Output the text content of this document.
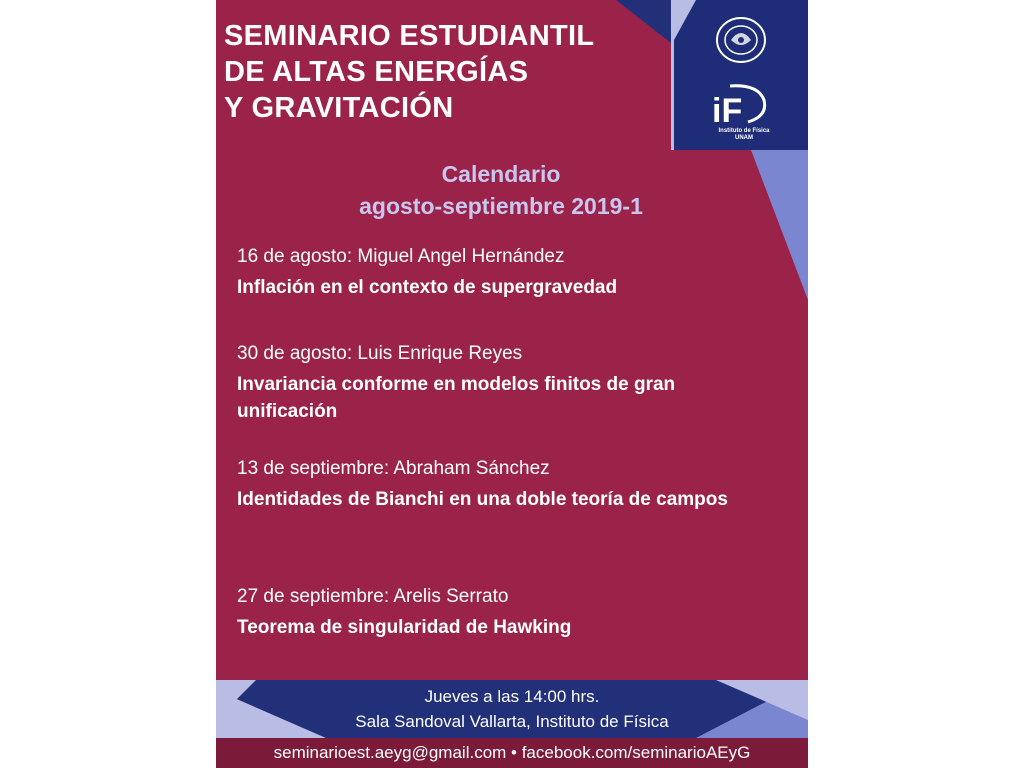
SEMINARIO ESTUDIANTIL
DE ALTAS ENERGÍAS
Y GRAVITACIÓN	iF
Instituto de Física
UNAM
Calendario
agosto-septiembre 2019-1
16 de agosto: Miguel Angel Hernández
Inflación en el contexto de supergravedad
30 de agosto: Luis Enrique Reyes
Invariancia conforme en modelos finitos de gran unificación
13 de septiembre: Abraham Sánchez
Identidades de Bianchi en una doble teoría de campos
27 de septiembre: Arelis Serrato
Teorema de singularidad de Hawking
Jueves a las 14:00 hrs.
Sala Sandoval Vallarta, Instituto de Física
seminarioest.aeyg@gmail.com • facebook.com/seminarioAEyG
